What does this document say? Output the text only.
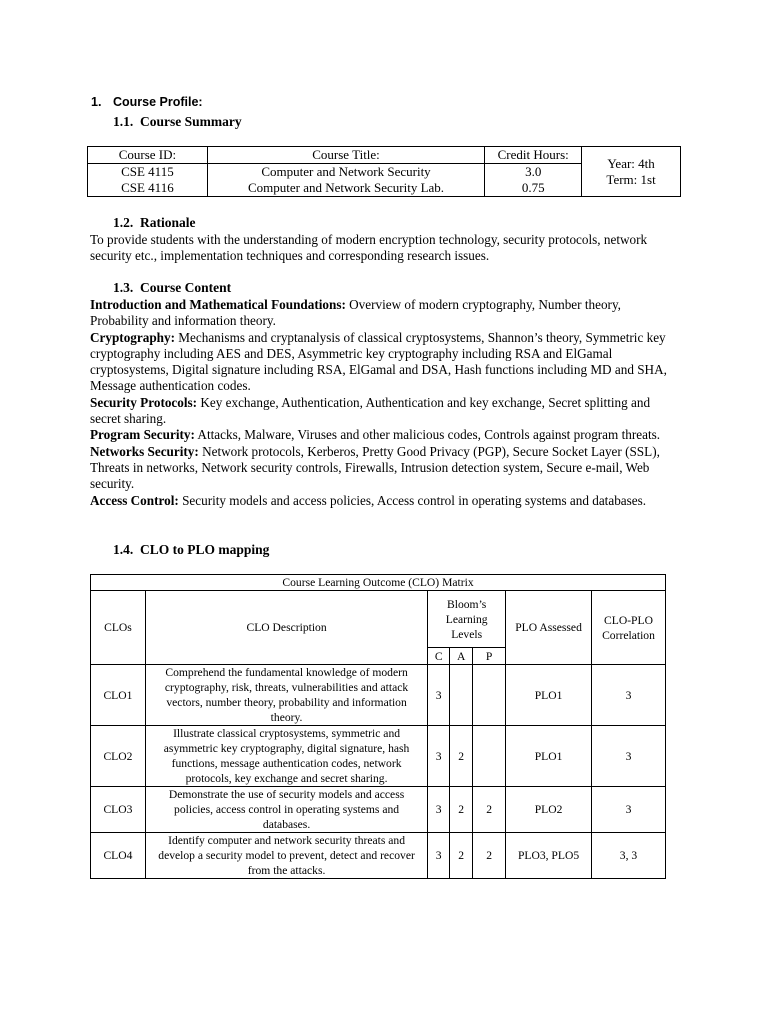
1. Course Profile:
1.1. Course Summary
Course ID:	Course Title:	Credit Hours:	Year: 4th
Term: 1st

CSE 4115	Computer and Network Security	3.0	
CSE 4116	Computer and Network Security Lab.	0.75	
1.2. Rationale
To provide students with the understanding of modern encryption technology, security protocols, network security etc., implementation techniques and corresponding research issues.
1.3. Course Content
Introduction and Mathematical Foundations: Overview of modern cryptography, Number theory, Probability and information theory.
Cryptography: Mechanisms and cryptanalysis of classical cryptosystems, Shannon’s theory, Symmetric key cryptography including AES and DES, Asymmetric key cryptography including RSA and ElGamal cryptosystems, Digital signature including RSA, ElGamal and DSA, Hash functions including MD and SHA, Message authentication codes.
Security Protocols: Key exchange, Authentication, Authentication and key exchange, Secret splitting and secret sharing.
Program Security: Attacks, Malware, Viruses and other malicious codes, Controls against program threats.
Networks Security: Network protocols, Kerberos, Pretty Good Privacy (PGP), Secure Socket Layer (SSL), Threats in networks, Network security controls, Firewalls, Intrusion detection system, Secure e-mail, Web security.
Access Control: Security models and access policies, Access control in operating systems and databases.
1.4. CLO to PLO mapping
Course Learning Outcome (CLO) Matrix						
CLOs	CLO Description	Bloom’s Learning Levels			PLO Assessed	CLO-PLO Correlation
		C	A	P		
CLO1	Comprehend the fundamental knowledge of modern cryptography, risk, threats, vulnerabilities and attack vectors, number theory, probability and information theory.	3			PLO1	3
CLO2	Illustrate classical cryptosystems, symmetric and asymmetric key cryptography, digital signature, hash functions, message authentication codes, network protocols, key exchange and secret sharing.	3	2		PLO1	3
CLO3	Demonstrate the use of security models and access policies, access control in operating systems and databases.	3	2	2	PLO2	3
CLO4	Identify computer and network security threats and develop a security model to prevent, detect and recover from the attacks.	3	2	2	PLO3, PLO5	3, 3
